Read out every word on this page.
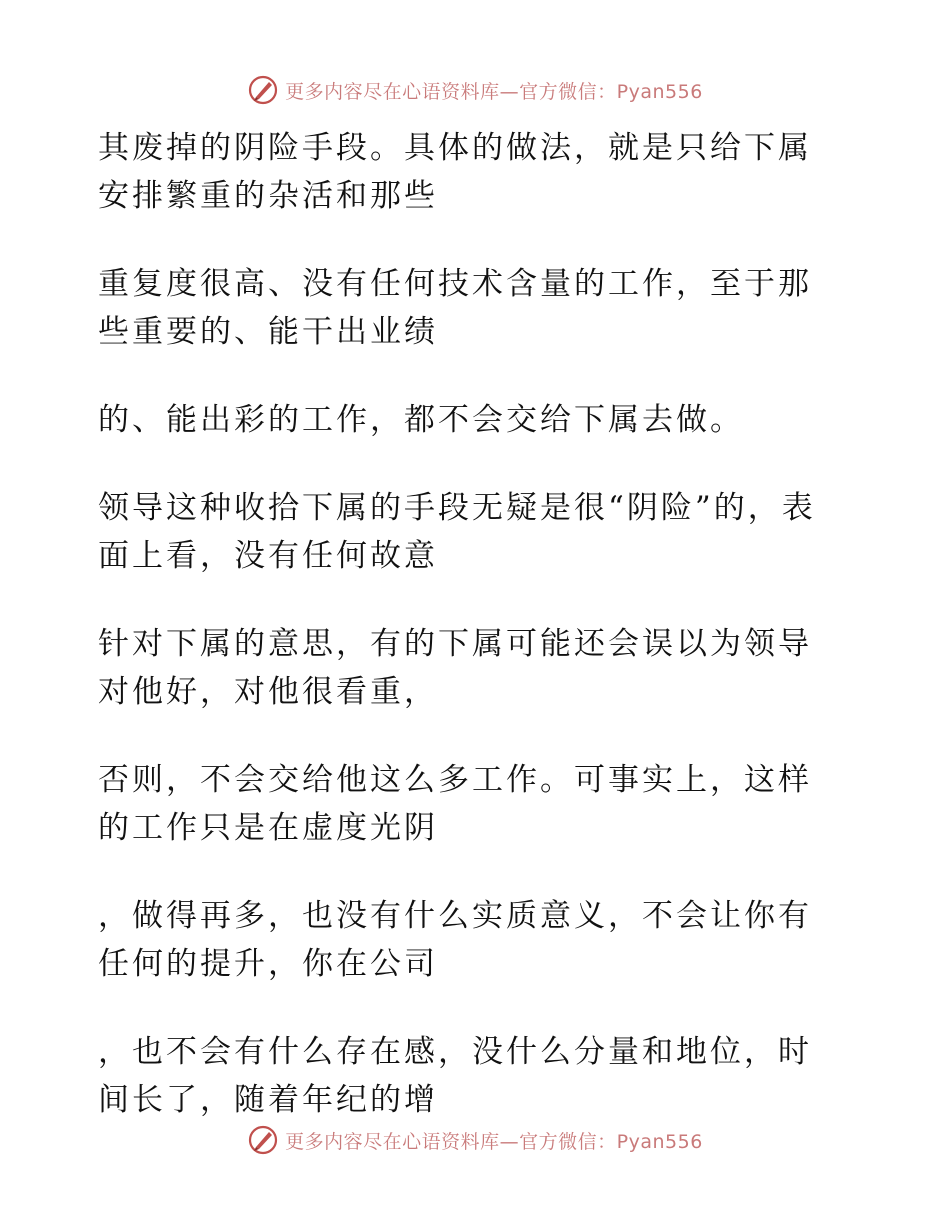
更多内容尽在心语资料库—官方微信：Pyan556

其废掉的阴险手段。具体的做法，就是只给下属安排繁重的杂活和那些

重复度很高、没有任何技术含量的工作，至于那些重要的、能干出业绩

的、能出彩的工作，都不会交给下属去做。

领导这种收拾下属的手段无疑是很“阴险”的，表面上看，没有任何故意

针对下属的意思，有的下属可能还会误以为领导对他好，对他很看重，

否则，不会交给他这么多工作。可事实上，这样的工作只是在虚度光阴

，做得再多，也没有什么实质意义，不会让你有任何的提升，你在公司

，也不会有什么存在感，没什么分量和地位，时间长了，随着年纪的增

更多内容尽在心语资料库—官方微信：Pyan556
